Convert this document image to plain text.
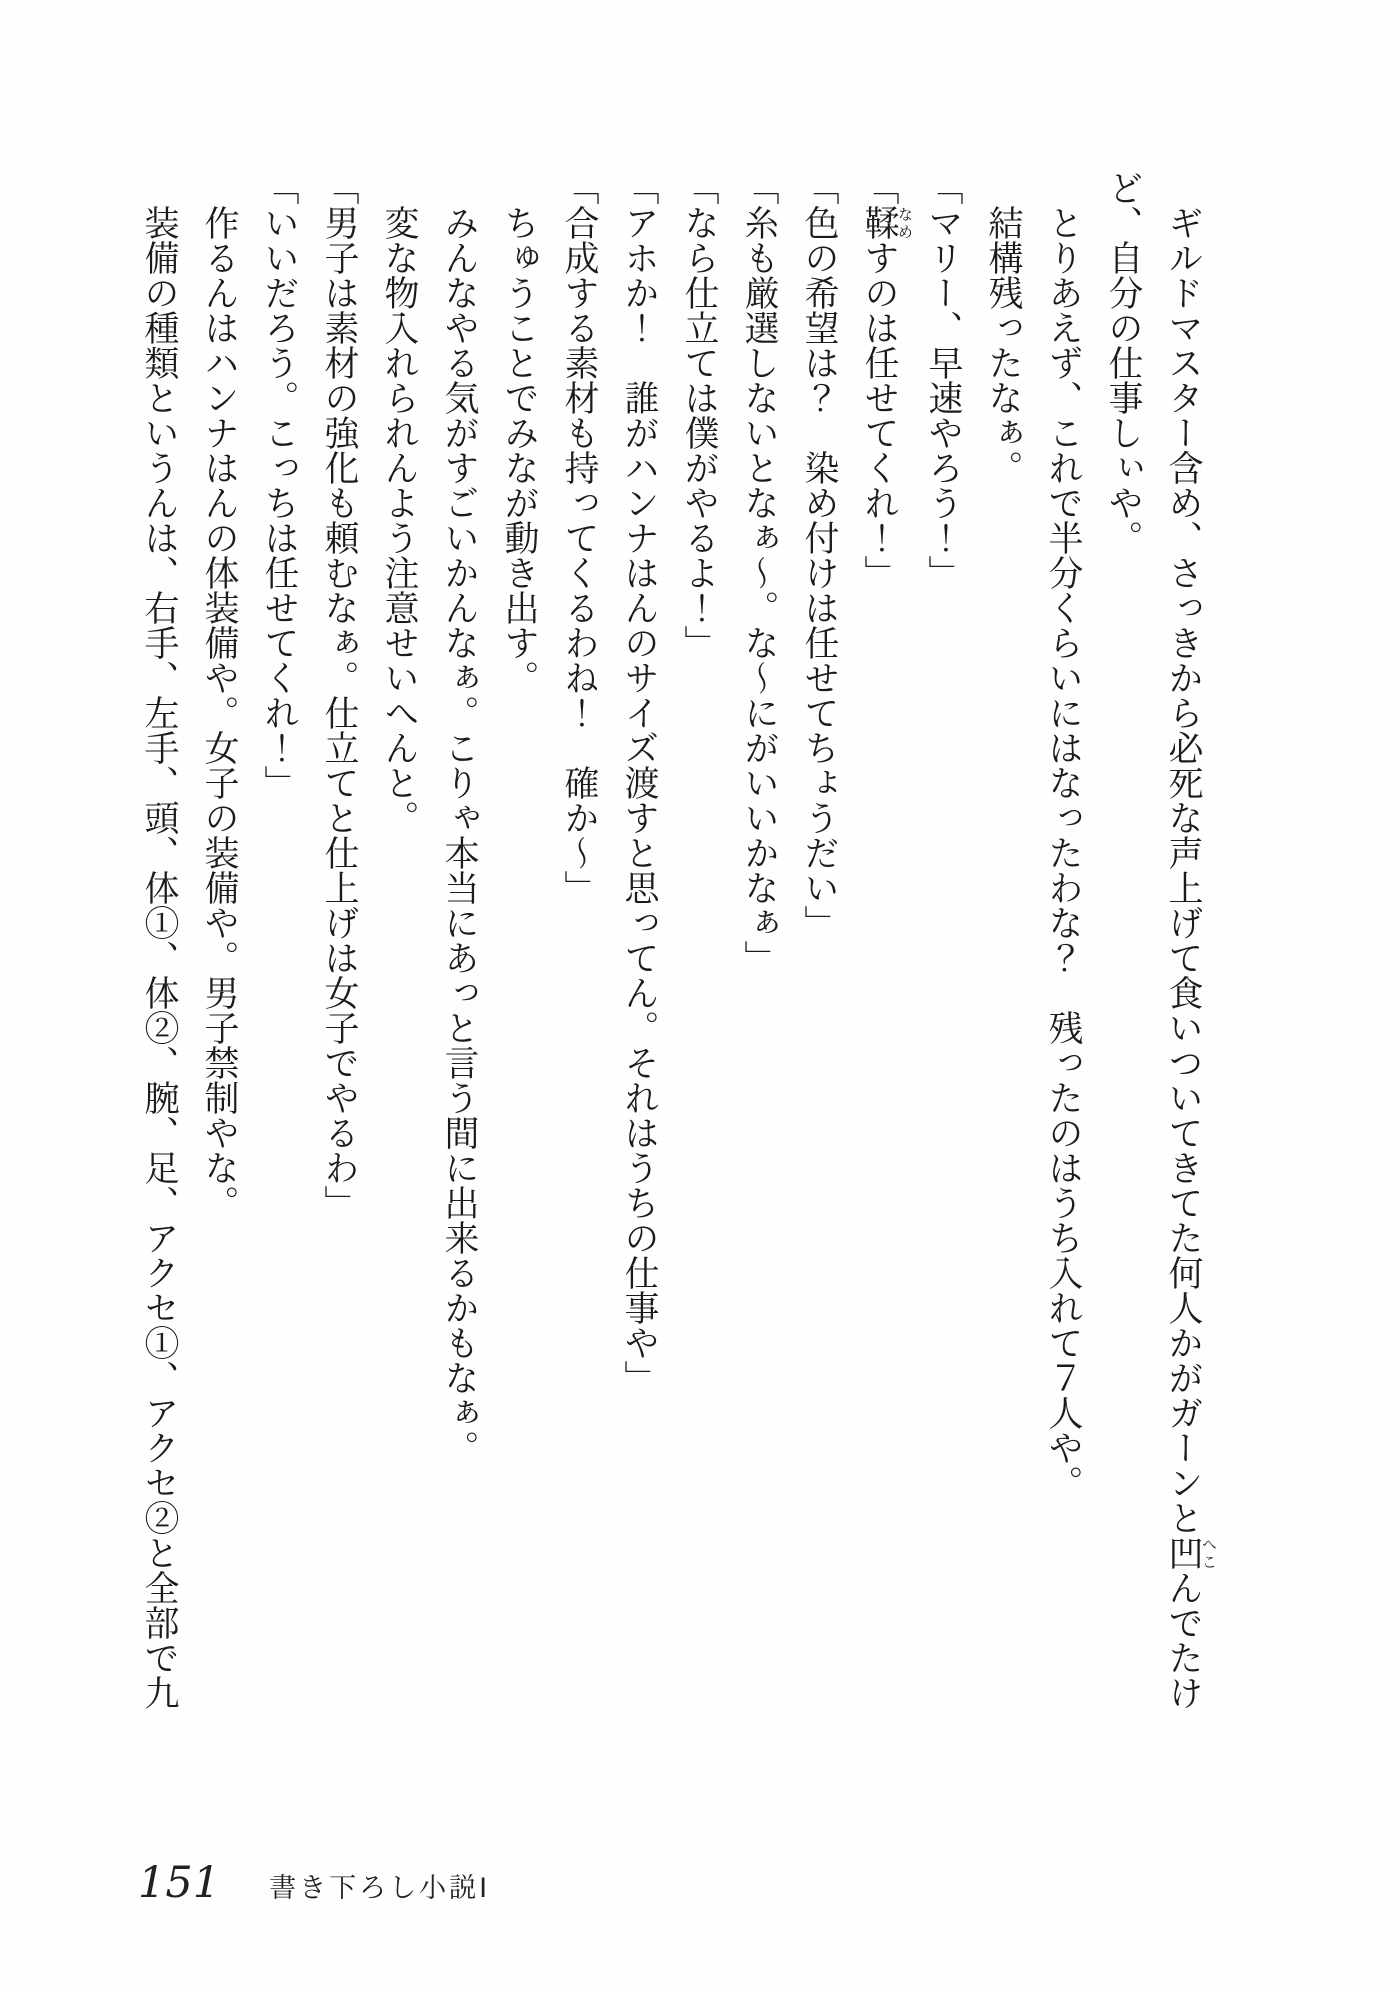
　ギルドマスター含め、さっきから必死な声上げて食いついてきてた何人かがガーンと凹へこんでたけ

ど、自分の仕事しぃや。

　とりあえず、これで半分くらいにはなったわな？　残ったのはうち入れて７人や。

　結構残ったなぁ。

「マリー、早速やろう！」

「鞣なめすのは任せてくれ！」

「色の希望は？　染め付けは任せてちょうだい」

「糸も厳選しないとなぁ〜。な〜にがいいかなぁ」

「なら仕立ては僕がやるよ！」

「アホか！　誰がハンナはんのサイズ渡すと思ってん。それはうちの仕事や」

「合成する素材も持ってくるわね！　確か〜」

　ちゅうことでみなが動き出す。

　みんなやる気がすごいかんなぁ。こりゃ本当にあっと言う間に出来るかもなぁ。

　変な物入れられんよう注意せいへんと。

「男子は素材の強化も頼むなぁ。仕立てと仕上げは女子でやるわ」

「いいだろう。こっちは任せてくれ！」

　作るんはハンナはんの体装備や。女子の装備や。男子禁制やな。

　装備の種類というんは、右手、左手、頭、体①、体②、腕、足、アクセ①、アクセ②と全部で九

151 書き下ろし小説Ⅰ
